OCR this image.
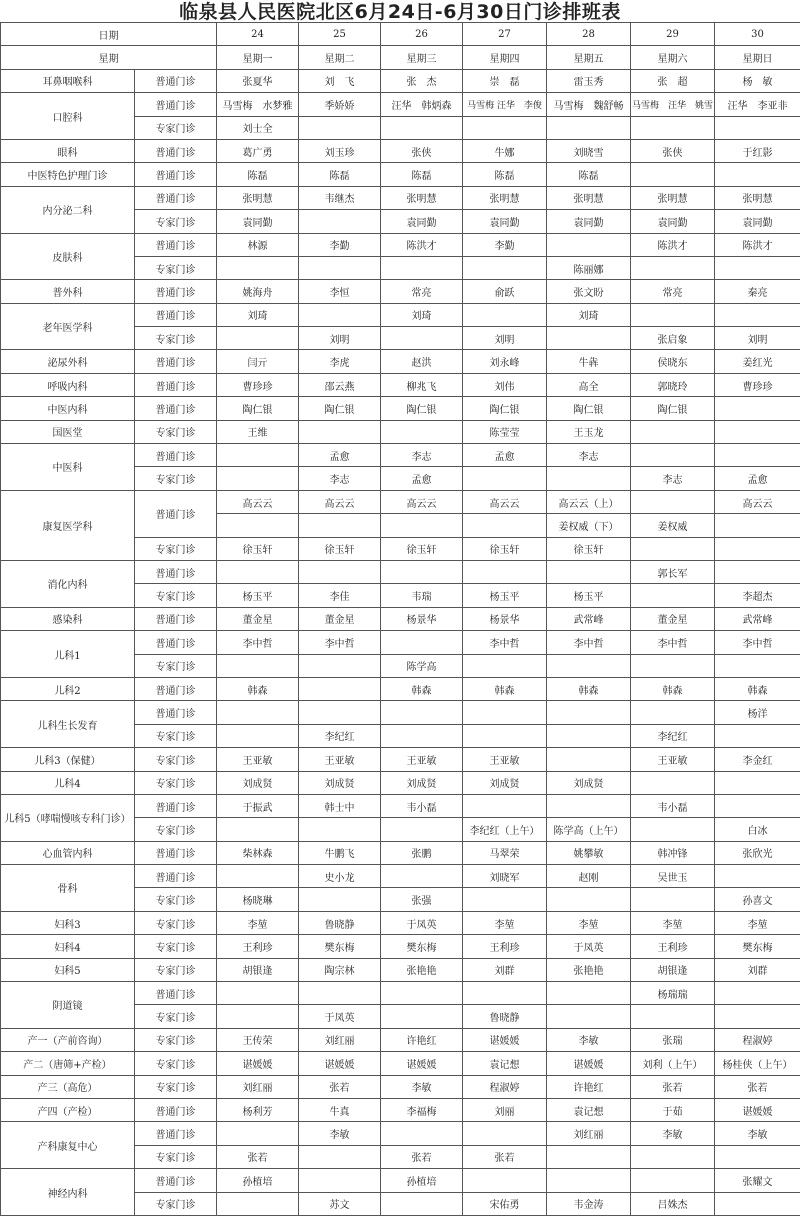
临泉县人民医院北区6月24日-6月30日门诊排班表
日期		24	25	26	27	28	29	30
星期		星期一	星期二	星期三	星期四	星期五	星期六	星期日
耳鼻咽喉科	普通门诊	张夏华	刘　飞	张　杰	崇　磊	雷玉秀	张　超	杨　敏
口腔科	普通门诊	马雪梅　水梦雅	季娇娇	汪华　韩炳森	马雪梅 汪华　李俊	马雪梅　魏舒畅	马雪梅　汪华　姚雪	汪华　李亚非
	专家门诊	刘士全						
眼科	普通门诊	葛广勇	刘玉珍	张侠	牛娜	刘晓雪	张侠	于红影
中医特色护理门诊	普通门诊	陈磊	陈磊	陈磊	陈磊	陈磊		
内分泌二科	普通门诊	张明慧	韦继杰	张明慧	张明慧	张明慧	张明慧	张明慧
	专家门诊	袁同勤		袁同勤	袁同勤	袁同勤	袁同勤	袁同勤
皮肤科	普通门诊	林源	李勤	陈洪才	李勤		陈洪才	陈洪才
	专家门诊					陈丽娜		
普外科	普通门诊	姚海舟	李恒	常亮	俞跃	张文盼	常亮	秦亮
老年医学科	普通门诊	刘琦		刘琦		刘琦		
	专家门诊		刘明		刘明		张启象	刘明
泌尿外科	普通门诊	闫亓	李虎	赵洪	刘永峰	牛犇	侯晓东	姜红光
呼吸内科	普通门诊	曹珍珍	邵云燕	柳兆飞	刘伟	高全	郭晓玲	曹珍珍
中医内科	普通门诊	陶仁银	陶仁银	陶仁银	陶仁银	陶仁银	陶仁银	
国医堂	专家门诊	王维			陈莹莹	王玉龙		
中医科	普通门诊		孟愈	李志	孟愈	李志		
	专家门诊		李志	孟愈			李志	孟愈
康复医学科	普通门诊	高云云	高云云	高云云	高云云	高云云（上）		高云云
						姜权威（下）	姜权威	
	专家门诊	徐玉轩	徐玉轩	徐玉轩	徐玉轩	徐玉轩		
消化内科	普通门诊						郭长军	
	专家门诊	杨玉平	李佳	韦瑞	杨玉平	杨玉平		李超杰
感染科	普通门诊	董金星	董金星	杨景华	杨景华	武常峰	董金星	武常峰
儿科1	普通门诊	李中哲	李中哲		李中哲	李中哲	李中哲	李中哲
	专家门诊			陈学高				
儿科2	普通门诊	韩森		韩森	韩森	韩森	韩森	韩森
儿科生长发育	普通门诊							杨洋
	专家门诊		李纪红				李纪红	
儿科3（保健）	专家门诊	王亚敏	王亚敏	王亚敏	王亚敏		王亚敏	李金红
儿科4	专家门诊	刘成贤	刘成贤	刘成贤	刘成贤	刘成贤		
儿科5（哮喘慢咳专科门诊）	普通门诊	于振武	韩士中	韦小磊			韦小磊	
	专家门诊				李纪红（上午）	陈学高（上午）		白冰
心血管内科	普通门诊	柴林森	牛鹏飞	张鹏	马翠荣	姚攀敏	韩冲锋	张欣光
骨科	普通门诊		史小龙		刘晓军	赵刚	吴世玉	
	专家门诊	杨晓琳		张强				孙喜文
妇科3	专家门诊	李堃	鲁晓静	于凤英	李堃	李堃	李堃	李堃
妇科4	专家门诊	王利珍	樊东梅	樊东梅	王利珍	于凤英	王利珍	樊东梅
妇科5	专家门诊	胡银逢	陶宗林	张艳艳	刘群	张艳艳	胡银逢	刘群
阴道镜	普通门诊						杨瑞瑞	
	专家门诊		于凤英		鲁晓静			
产一（产前咨询）	专家门诊	王传荣	刘红丽	许艳红	谌媛媛	李敏	张瑞	程淑婷
产二（唐筛+产检）	专家门诊	谌媛媛	谌媛媛	谌媛媛	袁记想	谌媛媛	刘利（上午）	杨桂侠（上午）
产三（高危）	专家门诊	刘红丽	张若	李敏	程淑婷	许艳红	张若	张若
产四（产检）	普通门诊	杨利芳	牛真	李福梅	刘丽	袁记想	于茹	谌媛媛
产科康复中心	普通门诊		李敏			刘红丽	李敏	李敏
	专家门诊	张若		张若	张若			
神经内科	普通门诊	孙植培		孙植培				张耀文
	专家门诊		苏文		宋佑勇	韦金涛	吕姝杰	
